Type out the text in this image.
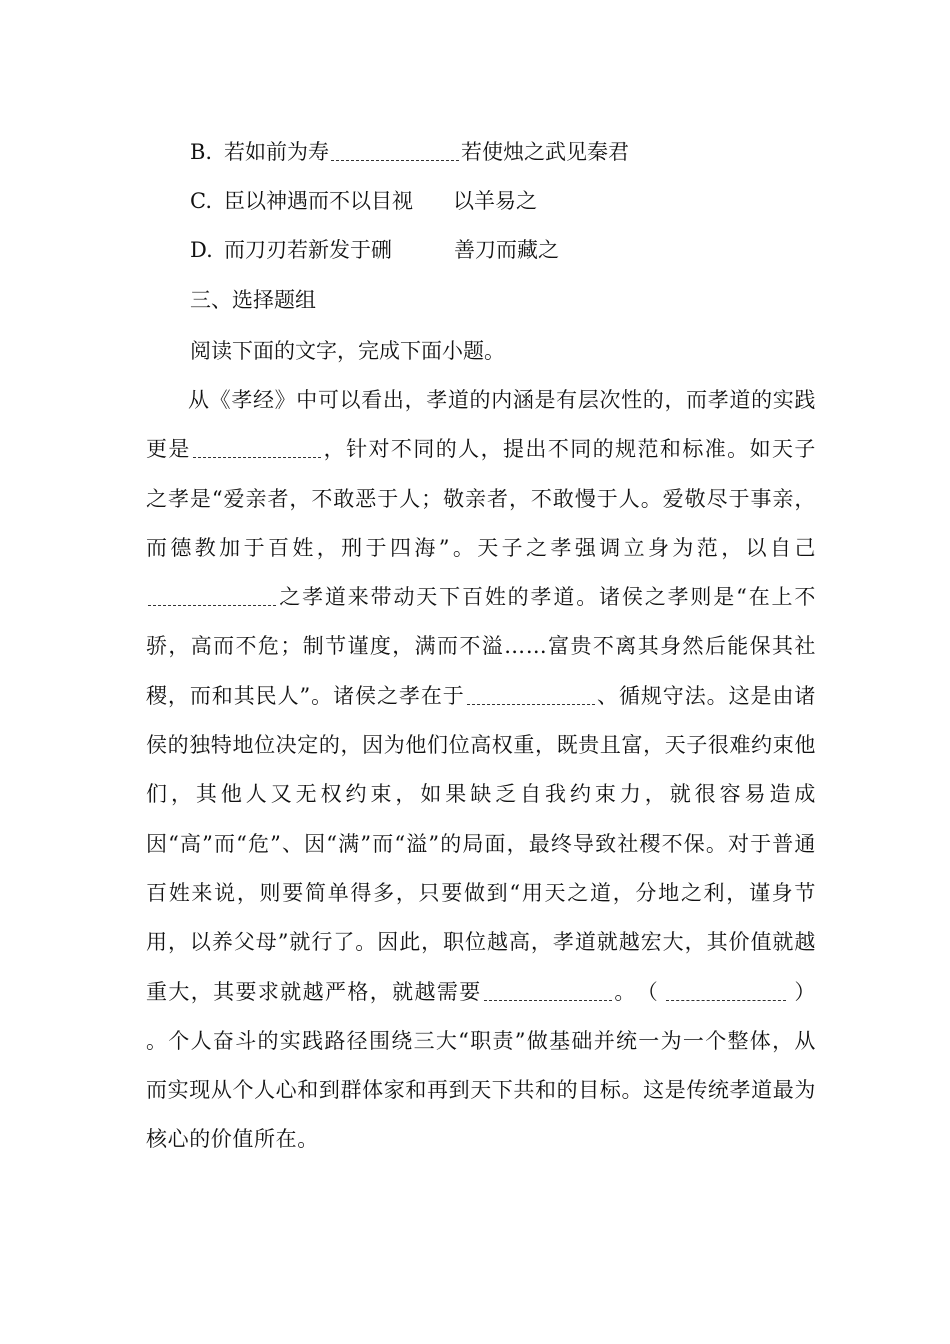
B. 若如前为寿	若使烛之武见秦君
C. 臣以神遇而不以目视 以羊易之
D. 而刀刃若新发于硎	善刀而藏之
三、选择题组
阅读下面的文字，完成下面小题。
从《孝经》中可以看出，孝道的内涵是有层次性的，而孝道的实践更是	，针对不同的人，提出不同的规范和标准。如天子之孝是“爱亲者，不敢恶于人；敬亲者，不敢慢于人。爱敬尽于事亲，而德教加于百姓，刑于四海”。天子之孝强调立身为范，以自己之孝道来带动天下百姓的孝道。诸侯之孝则是“在上不骄，高而不危；制节谨度，满而不溢……富贵不离其身然后能保其社稷，而和其民人”。诸侯之孝在于	、循规守法。这是由诸侯的独特地位决定的，因为他们位高权重，既贵且富，天子很难约束他们，其他人又无权约束，如果缺乏自我约束力，就很容易造成因“高”而“危”、因“满”而“溢”的局面，最终导致社稷不保。对于普通百姓来说，则要简单得多，只要做到“用天之道，分地之利，谨身节用，以养父母”就行了。因此，职位越高，孝道就越宏大，其价值就越重大，其要求就越严格，就越需要	。（	）。个人奋斗的实践路径围绕三大“职责”做基础并统一为一个整体，从而实现从个人心和到群体家和再到天下共和的目标。这是传统孝道最为核心的价值所在。
